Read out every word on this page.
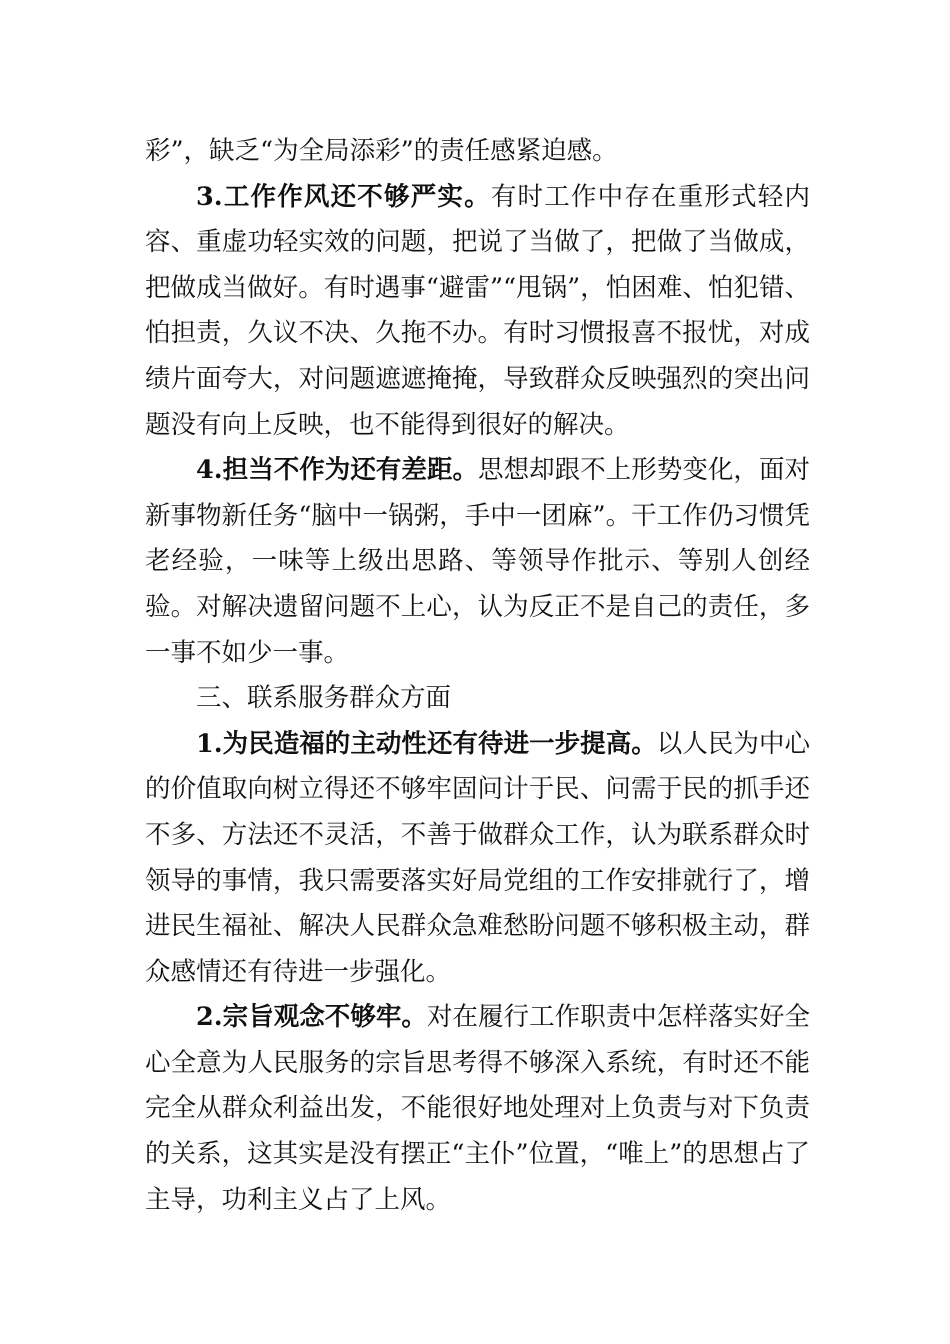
彩”，缺乏“为全局添彩”的责任感紧迫感。

3.工作作风还不够严实。有时工作中存在重形式轻内容、重虚功轻实效的问题，把说了当做了，把做了当做成，把做成当做好。有时遇事“避雷”“甩锅”，怕困难、怕犯错、怕担责，久议不决、久拖不办。有时习惯报喜不报忧，对成绩片面夸大，对问题遮遮掩掩，导致群众反映强烈的突出问题没有向上反映，也不能得到很好的解决。

4.担当不作为还有差距。思想却跟不上形势变化，面对新事物新任务“脑中一锅粥，手中一团麻”。干工作仍习惯凭老经验，一味等上级出思路、等领导作批示、等别人创经验。对解决遗留问题不上心，认为反正不是自己的责任，多一事不如少一事。

三、联系服务群众方面

1.为民造福的主动性还有待进一步提高。以人民为中心的价值取向树立得还不够牢固问计于民、问需于民的抓手还不多、方法还不灵活，不善于做群众工作，认为联系群众时领导的事情，我只需要落实好局党组的工作安排就行了，增进民生福祉、解决人民群众急难愁盼问题不够积极主动，群众感情还有待进一步强化。

2.宗旨观念不够牢。对在履行工作职责中怎样落实好全心全意为人民服务的宗旨思考得不够深入系统，有时还不能完全从群众利益出发，不能很好地处理对上负责与对下负责的关系，这其实是没有摆正“主仆”位置，“唯上”的思想占了主导，功利主义占了上风。
